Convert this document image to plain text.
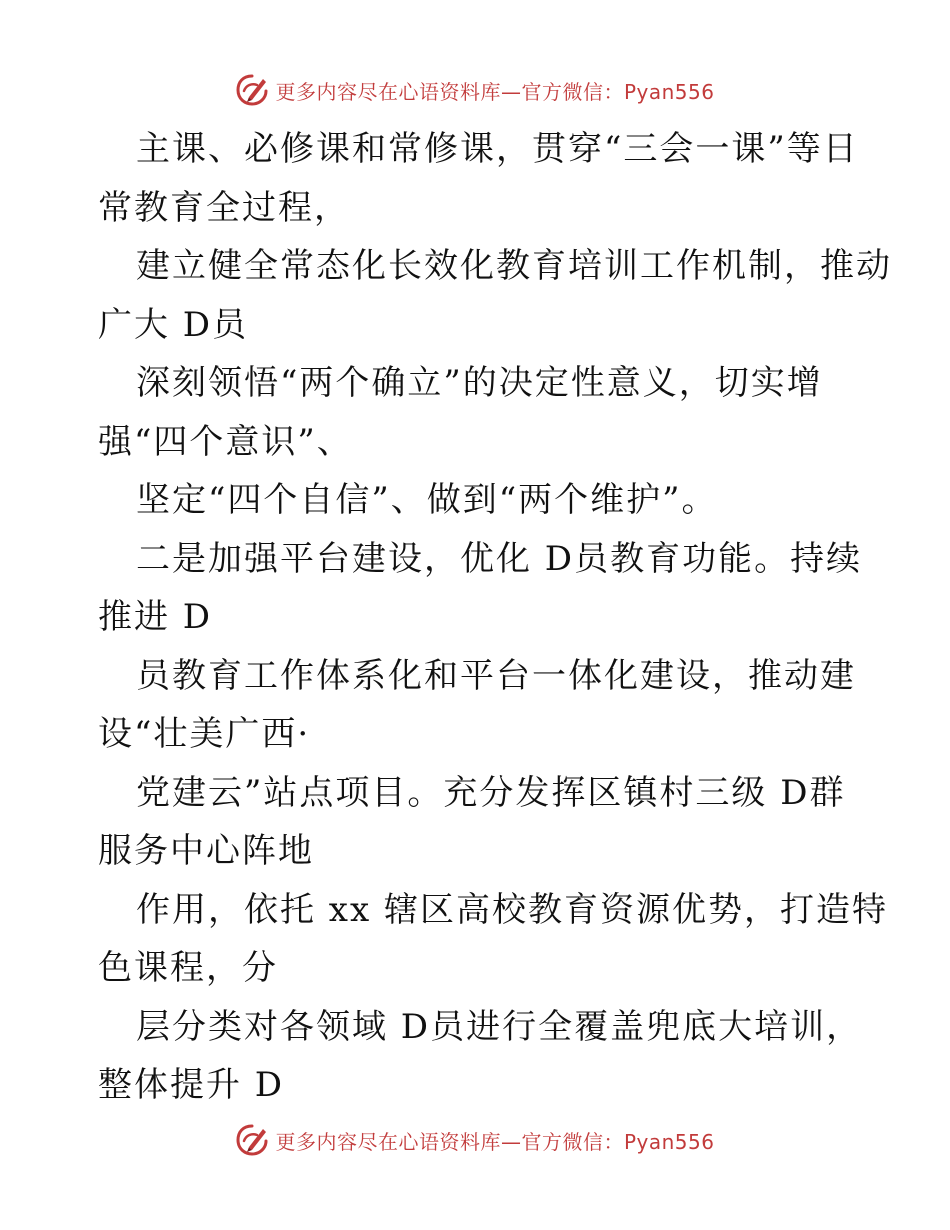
更多内容尽在心语资料库—官方微信：Pyan556
主课、必修课和常修课，贯穿“三会一课”等日
常教育全过程，
建立健全常态化长效化教育培训工作机制，推动
广大 D员
深刻领悟“两个确立”的决定性意义，切实增
强“四个意识”、
坚定“四个自信”、做到“两个维护”。
二是加强平台建设，优化 D员教育功能。持续
推进 D
员教育工作体系化和平台一体化建设，推动建
设“壮美广西·
党建云”站点项目。充分发挥区镇村三级 D群
服务中心阵地
作用，依托 xx 辖区高校教育资源优势，打造特
色课程，分
层分类对各领域 D员进行全覆盖兜底大培训，
整体提升 D
更多内容尽在心语资料库—官方微信：Pyan556
